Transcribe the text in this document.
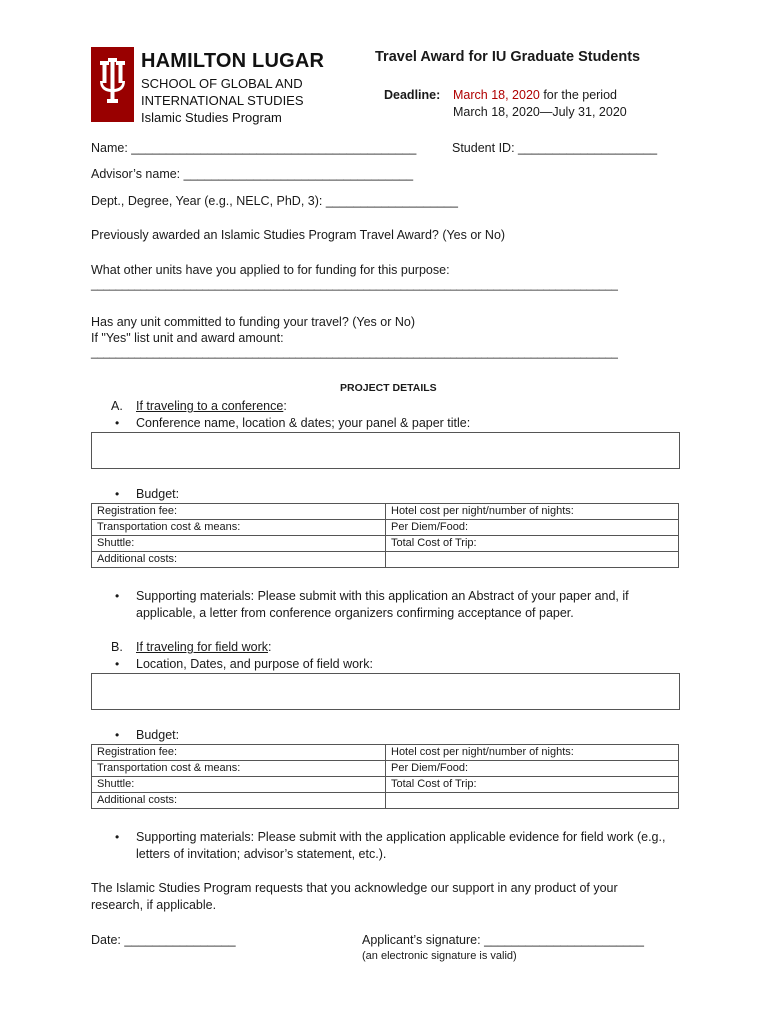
HAMILTON LUGAR
SCHOOL OF GLOBAL AND
INTERNATIONAL STUDIES
Islamic Studies Program
Travel Award for IU Graduate Students
Deadline: March 18, 2020 for the period
March 18, 2020—July 31, 2020
Name: _________________________________________	Student ID: ____________________
Advisor’s name: _________________________________
Dept., Degree, Year (e.g., NELC, PhD, 3): ___________________
Previously awarded an Islamic Studies Program Travel Award? (Yes or No)
What other units have you applied to for funding for this purpose:
_____________________________________________________________________________________
Has any unit committed to funding your travel? (Yes or No)
If "Yes" list unit and award amount:
_____________________________________________________________________________________
PROJECT DETAILS
A. If traveling to a conference:
• Conference name, location & dates; your panel & paper title:
• Budget:
Registration fee:	Hotel cost per night/number of nights:
Transportation cost & means:	Per Diem/Food:
Shuttle:	Total Cost of Trip:
Additional costs:	
• Supporting materials: Please submit with this application an Abstract of your paper and, if
applicable, a letter from conference organizers confirming acceptance of paper.
B. If traveling for field work:
• Location, Dates, and purpose of field work:
• Budget:
Registration fee:	Hotel cost per night/number of nights:
Transportation cost & means:	Per Diem/Food:
Shuttle:	Total Cost of Trip:
Additional costs:	
• Supporting materials: Please submit with the application applicable evidence for field work (e.g.,
letters of invitation; advisor’s statement, etc.).
The Islamic Studies Program requests that you acknowledge our support in any product of your
research, if applicable.
Date: ________________	Applicant’s signature: _______________________
(an electronic signature is valid)
